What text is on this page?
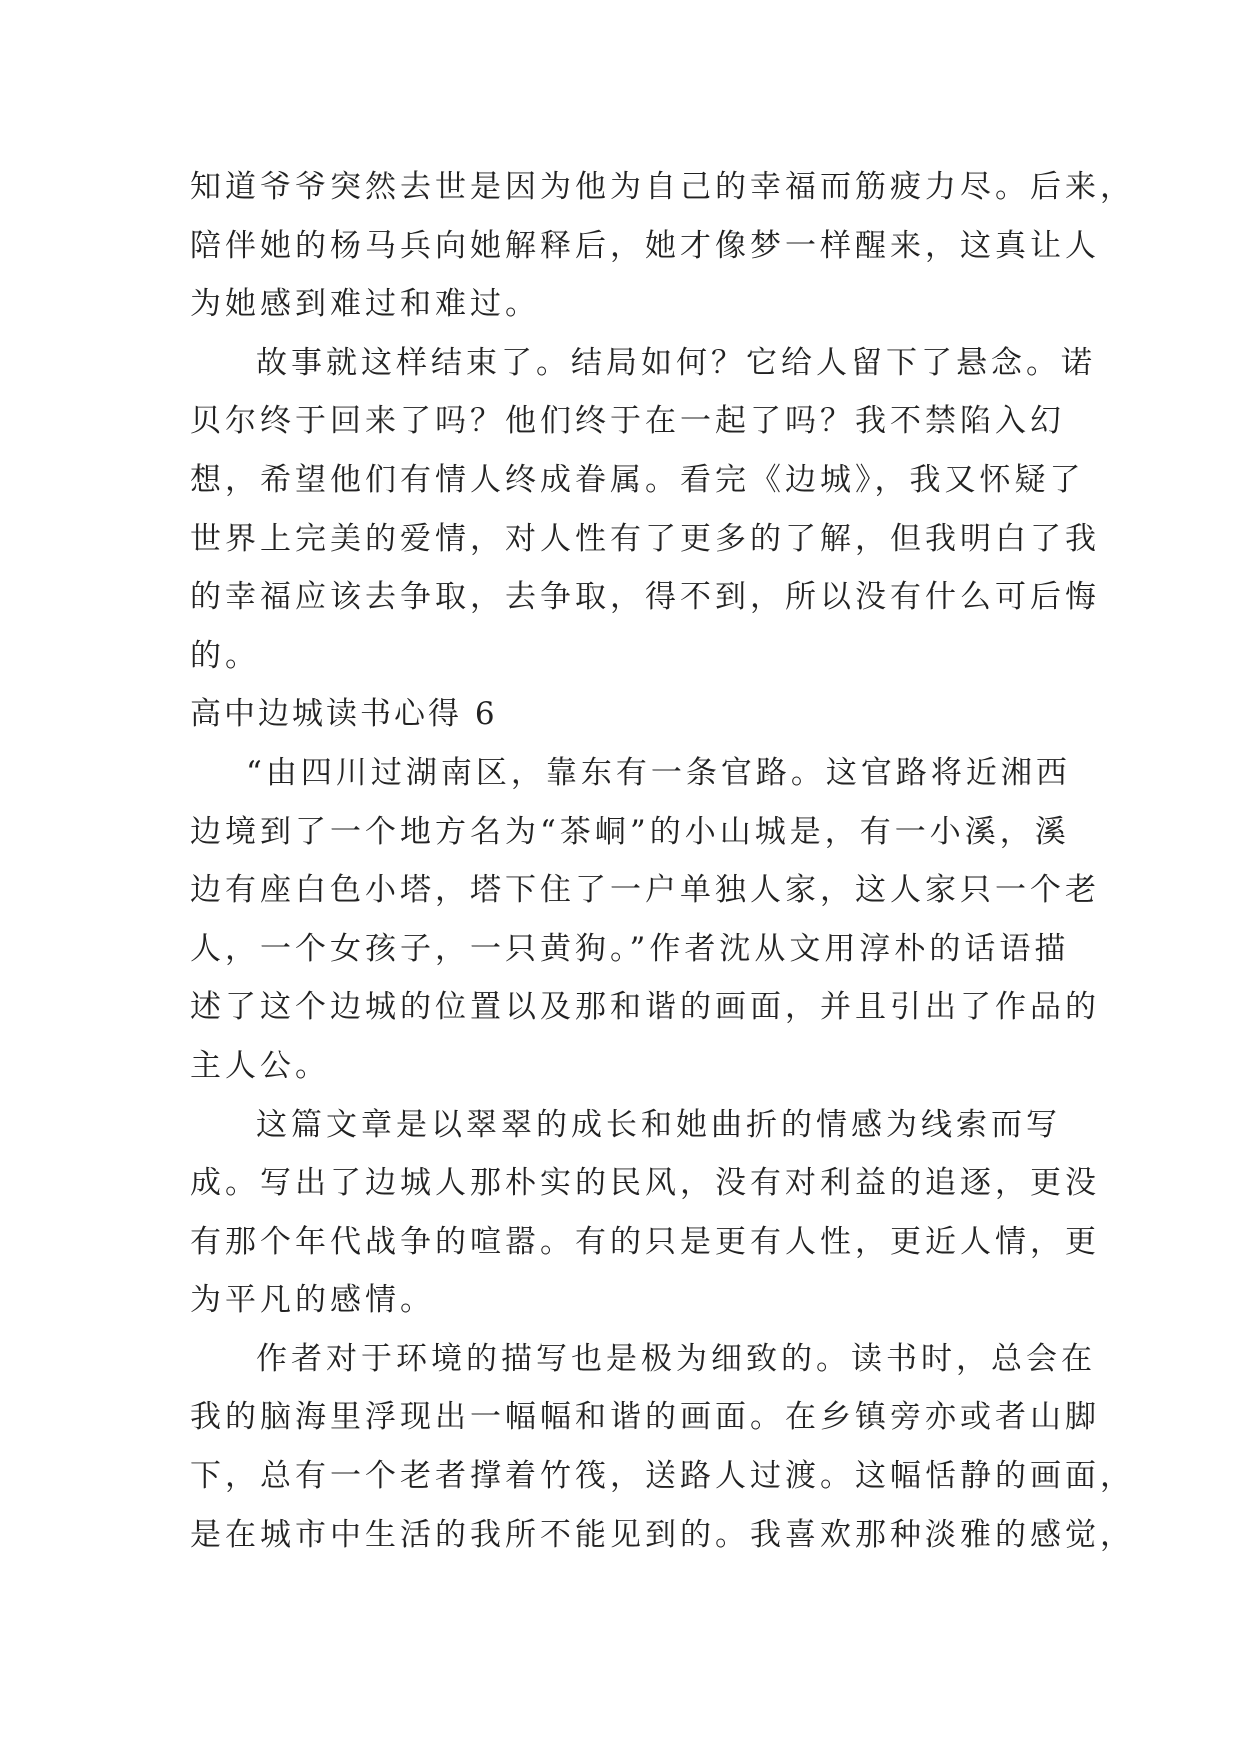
知道爷爷突然去世是因为他为自己的幸福而筋疲力尽。后来，
陪伴她的杨马兵向她解释后，她才像梦一样醒来，这真让人
为她感到难过和难过。
故事就这样结束了。结局如何？它给人留下了悬念。诺
贝尔终于回来了吗？他们终于在一起了吗？我不禁陷入幻
想，希望他们有情人终成眷属。看完《边城》，我又怀疑了
世界上完美的爱情，对人性有了更多的了解，但我明白了我
的幸福应该去争取，去争取，得不到，所以没有什么可后悔
的。
高中边城读书心得 6
“由四川过湖南区，靠东有一条官路。这官路将近湘西
边境到了一个地方名为“茶峒”的小山城是，有一小溪，溪
边有座白色小塔，塔下住了一户单独人家，这人家只一个老
人，一个女孩子，一只黄狗。”作者沈从文用淳朴的话语描
述了这个边城的位置以及那和谐的画面，并且引出了作品的
主人公。
这篇文章是以翠翠的成长和她曲折的情感为线索而写
成。写出了边城人那朴实的民风，没有对利益的追逐，更没
有那个年代战争的喧嚣。有的只是更有人性，更近人情，更
为平凡的感情。
作者对于环境的描写也是极为细致的。读书时，总会在
我的脑海里浮现出一幅幅和谐的画面。在乡镇旁亦或者山脚
下，总有一个老者撑着竹筏，送路人过渡。这幅恬静的画面，
是在城市中生活的我所不能见到的。我喜欢那种淡雅的感觉，
